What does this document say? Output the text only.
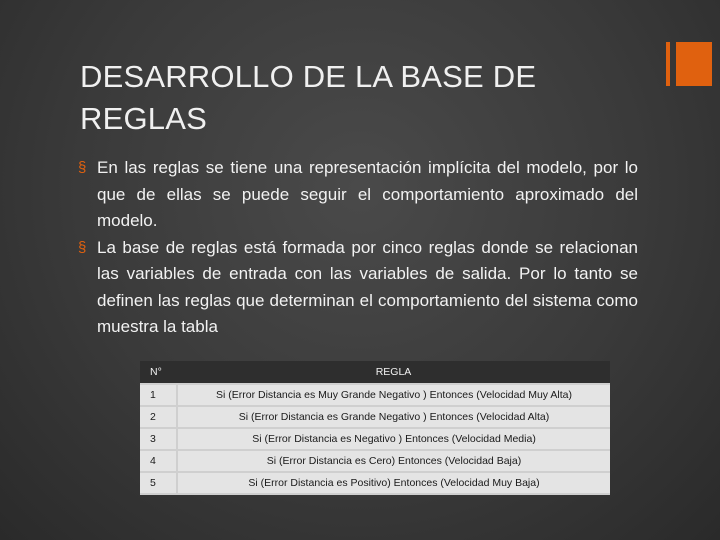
DESARROLLO DE LA BASE DE REGLAS
§ En las reglas se tiene una representación implícita del modelo, por lo que de ellas se puede seguir el comportamiento aproximado del modelo.
§ La base de reglas está formada por cinco reglas donde se relacionan las variables de entrada con las variables de salida. Por lo tanto se definen las reglas que determinan el comportamiento del sistema como muestra la tabla
N°	REGLA
1	Si (Error Distancia es Muy Grande Negativo ) Entonces (Velocidad Muy Alta)
2	Si (Error Distancia es Grande Negativo ) Entonces (Velocidad Alta)
3	Si (Error Distancia es Negativo ) Entonces (Velocidad Media)
4	Si (Error Distancia es Cero) Entonces (Velocidad Baja)
5	Si (Error Distancia es Positivo) Entonces (Velocidad Muy Baja)
